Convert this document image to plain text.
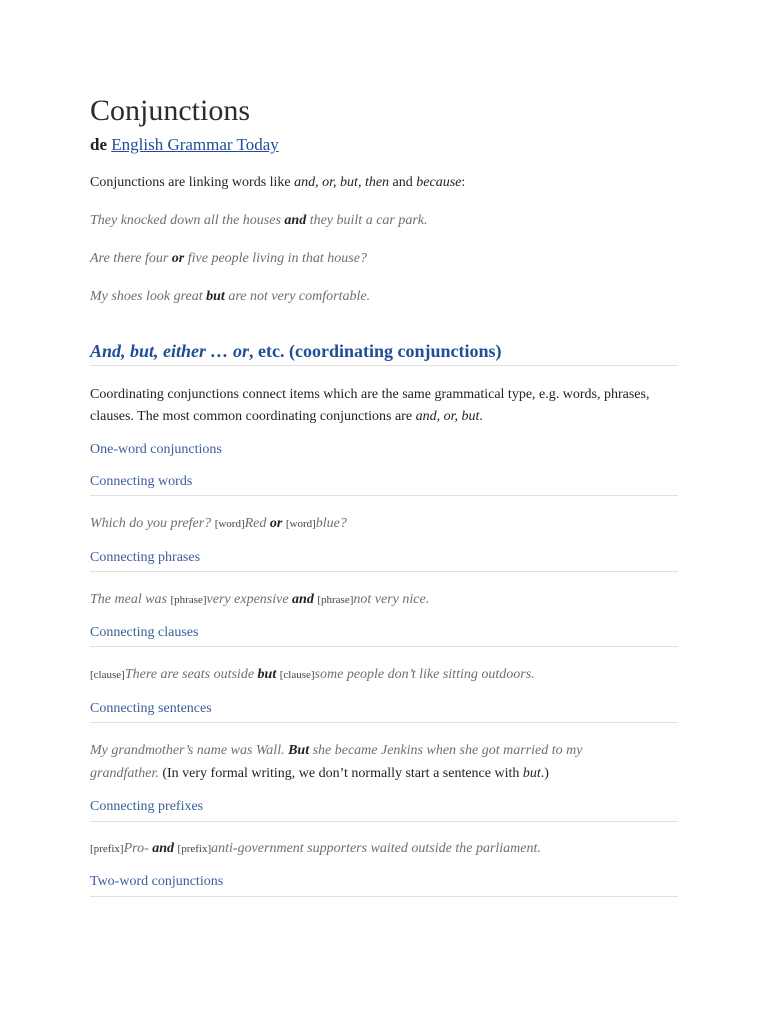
Conjunctions
de English Grammar Today
Conjunctions are linking words like and, or, but, then and because:
They knocked down all the houses and they built a car park.
Are there four or five people living in that house?
My shoes look great but are not very comfortable.
And, but, either … or, etc. (coordinating conjunctions)
Coordinating conjunctions connect items which are the same grammatical type, e.g. words, phrases, clauses. The most common coordinating conjunctions are and, or, but.
One-word conjunctions
Connecting words
Which do you prefer? [word]Red or [word]blue?
Connecting phrases
The meal was [phrase]very expensive and [phrase]not very nice.
Connecting clauses
[clause]There are seats outside but [clause]some people don’t like sitting outdoors.
Connecting sentences
My grandmother’s name was Wall. But she became Jenkins when she got married to my
grandfather. (In very formal writing, we don’t normally start a sentence with but.)
Connecting prefixes
[prefix]Pro- and [prefix]anti-government supporters waited outside the parliament.
Two-word conjunctions
